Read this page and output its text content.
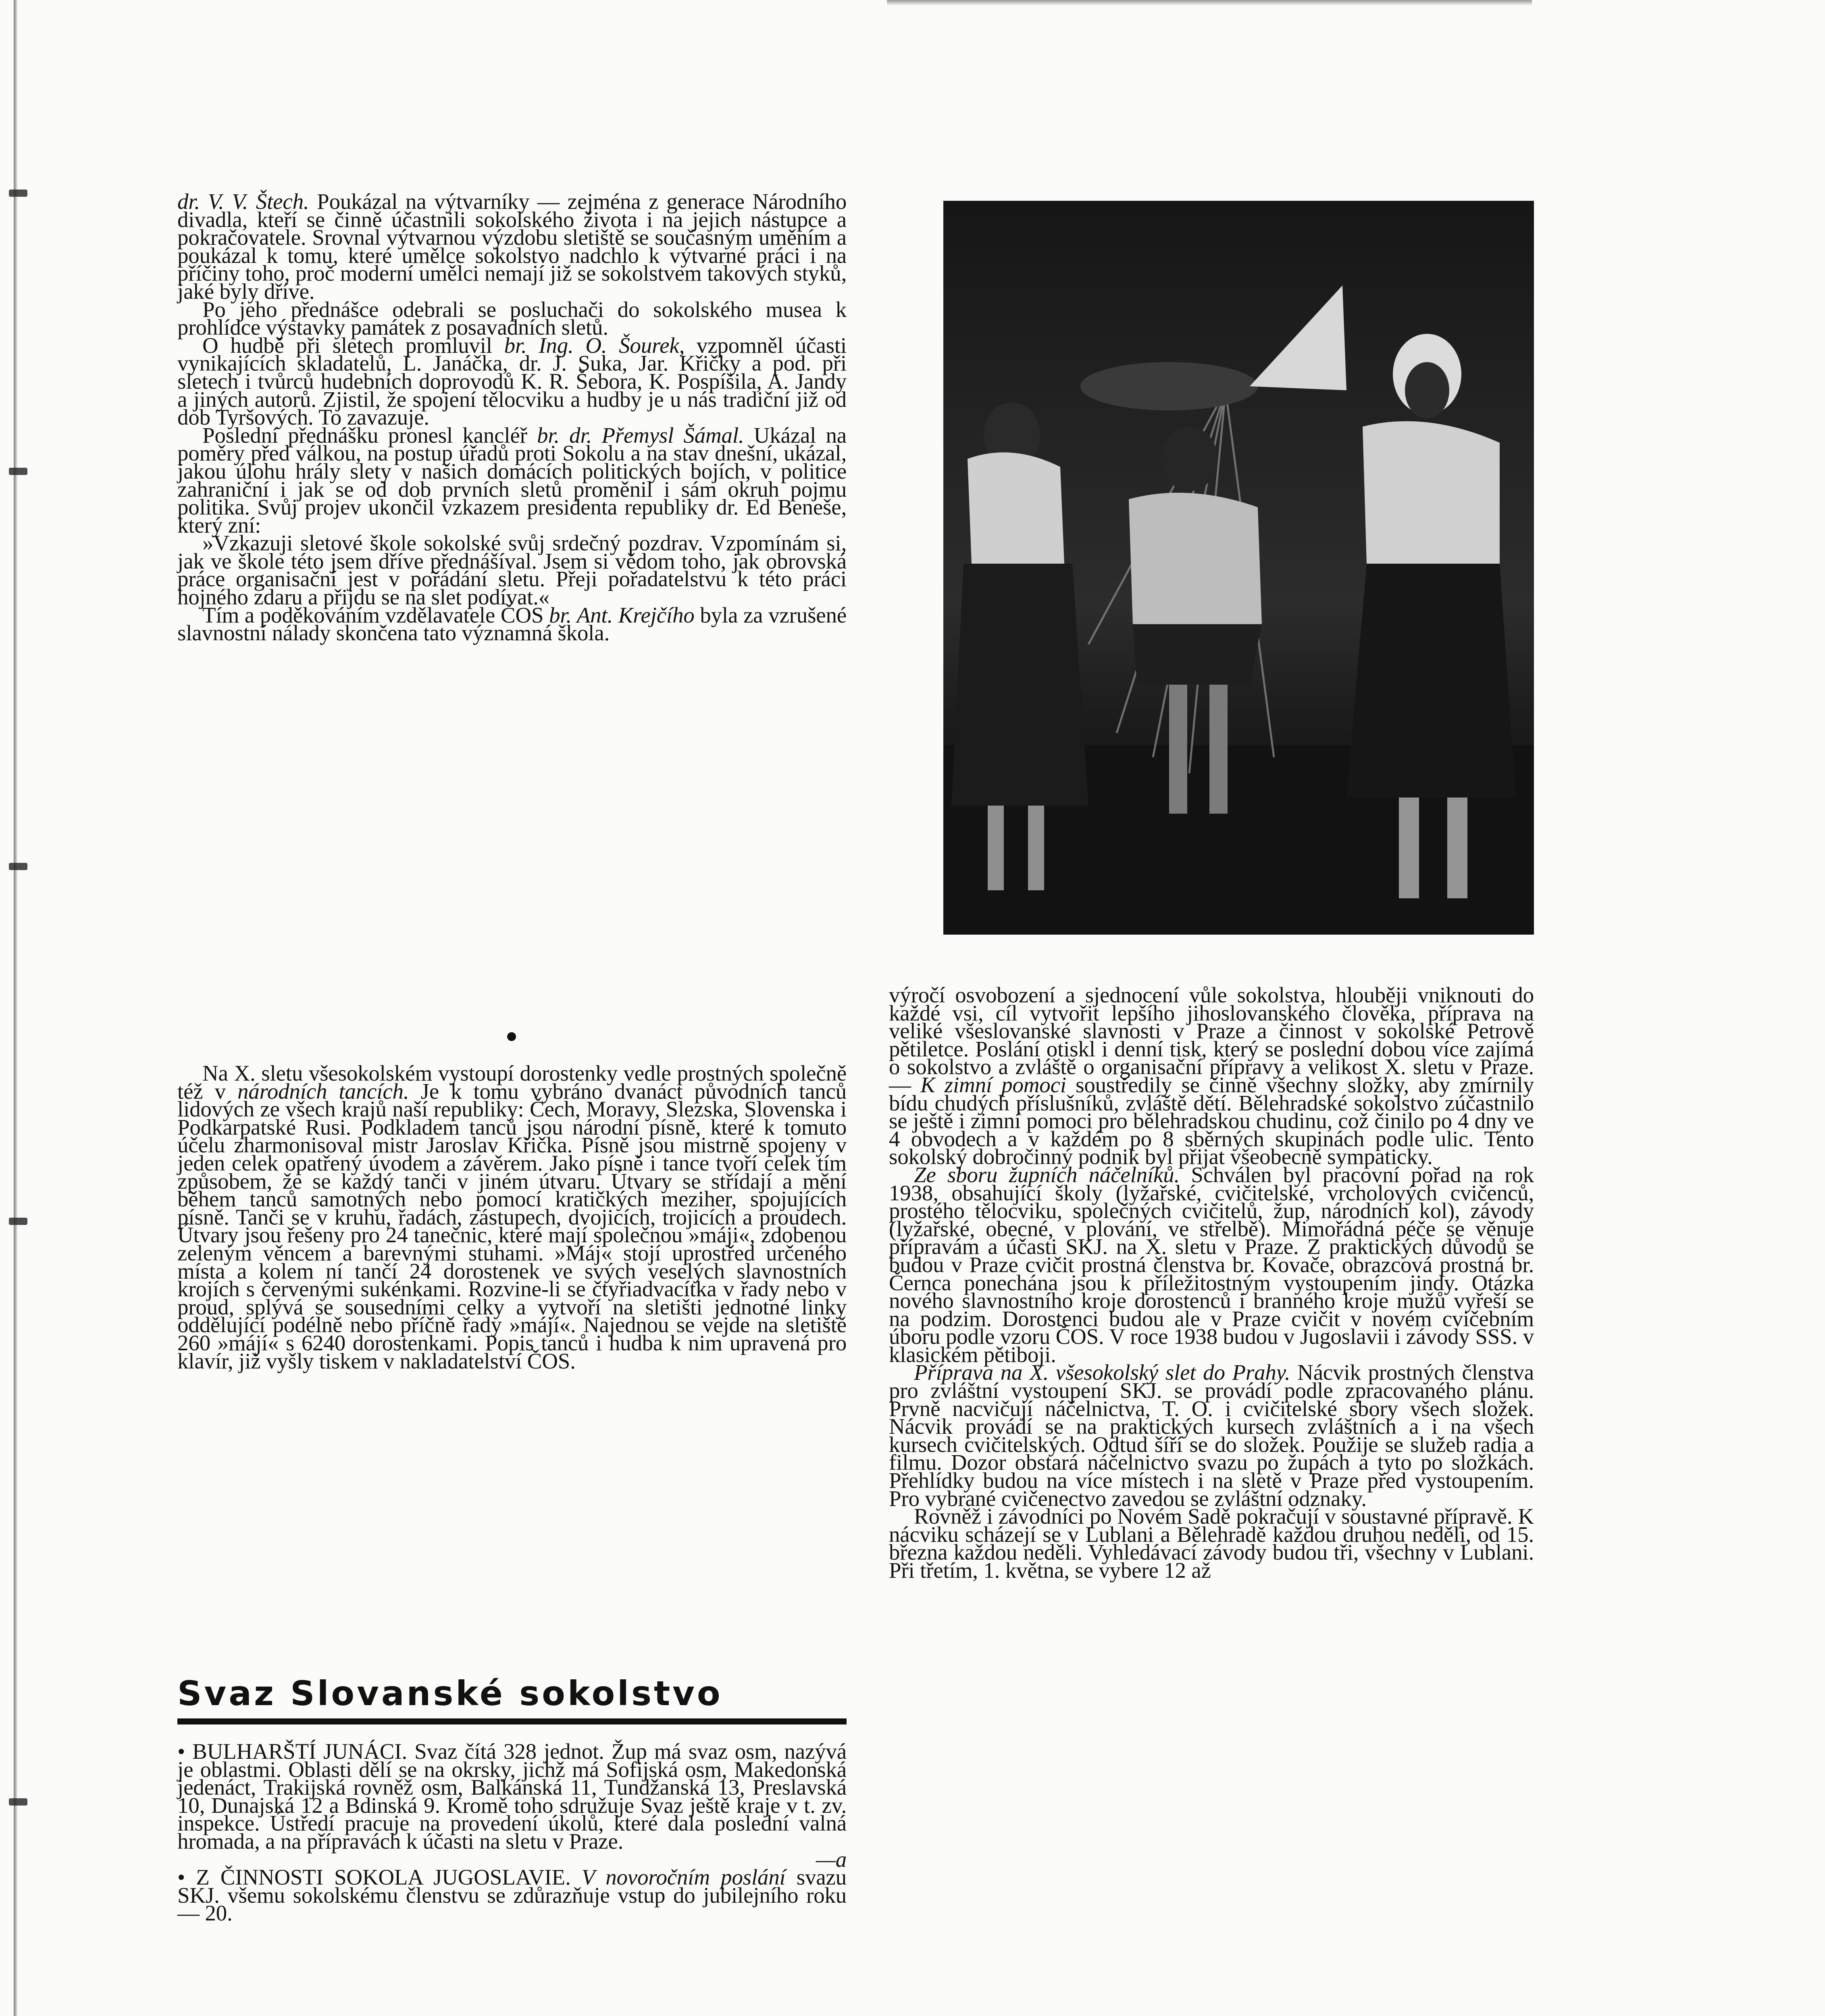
dr. V. V. Štech. Poukázal na výtvarníky — zejména z generace Národního divadla, kteří se činně účastnili sokolského života i na jejich nástupce a pokračovatele. Srovnal výtvarnou výzdobu sletiště se současným uměním a poukázal k tomu, které umělce sokolstvo nadchlo k výtvarné práci i na příčiny toho, proč moderní umělci nemají již se sokolstvem takových styků, jaké byly dříve.

Po jeho přednášce odebrali se posluchači do sokolského musea k prohlídce výstavky památek z posavadních sletů.

O hudbě při sletech promluvil br. Ing. O. Šourek, vzpomněl účasti vynikajících skladatelů, L. Janáčka, dr. J. Suka, Jar. Křičky a pod. při sletech i tvůrců hudebních doprovodů K. R. Šebora, K. Pospíšila, A. Jandy a jiných autorů. Zjistil, že spojení tělocviku a hudby je u nás tradiční již od dob Tyršových. To zavazuje.

Poslední přednášku pronesl kancléř br. dr. Přemysl Šámal. Ukázal na poměry před válkou, na postup úřadů proti Sokolu a na stav dnešní, ukázal, jakou úlohu hrály slety v našich domácích politických bojích, v politice zahraniční i jak se od dob prvních sletů proměnil i sám okruh pojmu politika. Svůj projev ukončil vzkazem presidenta republiky dr. Ed Beneše, který zní:

»Vzkazuji sletové škole sokolské svůj srdečný pozdrav. Vzpomínám si, jak ve škole této jsem dříve přednášíval. Jsem si vědom toho, jak obrovská práce organisační jest v pořádání sletu. Přeji pořadatelstvu k této práci hojného zdaru a přijdu se na slet podívat.«

Tím a poděkováním vzdělavatele ČOS br. Ant. Krejčího byla za vzrušené slavnostní nálady skončena tato významná škola.

Na X. sletu všesokolském vystoupí dorostenky vedle prostných společně též v národních tancích. Je k tomu vybráno dvanáct původních tanců lidových ze všech krajů naší republiky: Čech, Moravy, Slezska, Slovenska i Podkarpatské Rusi. Podkladem tanců jsou národní písně, které k tomuto účelu zharmonisoval mistr Jaroslav Křička. Písně jsou mistrně spojeny v jeden celek opatřený úvodem a závěrem. Jako písně i tance tvoří celek tím způsobem, že se každý tanči v jiném útvaru. Útvary se střídají a mění během tanců samotných nebo pomocí kratičkých meziher, spojujících písně. Tanči se v kruhu, řadách, zástupech, dvojicích, trojicích a proudech. Útvary jsou řešeny pro 24 tanečnic, které mají společnou »máji«, zdobenou zeleným věncem a barevnými stuhami. »Máj« stojí uprostřed určeného místa a kolem ní tančí 24 dorostenek ve svých veselých slavnostních krojích s červenými sukénkami. Rozvine-li se čtyřiadvacítka v řady nebo v proud, splývá se sousedními celky a vytvoří na sletišti jednotné linky oddělující podélně nebo příčně řady »májí«. Najednou se vejde na sletiště 260 »májí« s 6240 dorostenkami. Popis tanců i hudba k nim upravená pro klavír, již vyšly tiskem v nakladatelství ČOS.

Svaz Slovanské sokolstvo

• BULHARŠTÍ JUNÁCI. Svaz čítá 328 jednot. Žup má svaz osm, nazývá je oblastmi. Oblasti dělí se na okrsky, jichž má Sofijská osm, Makedonská jedenáct, Trakijská rovněž osm, Balkánská 11, Tundžanská 13, Preslavská 10, Dunajská 12 a Bdinská 9. Kromě toho sdružuje Svaz ještě kraje v t. zv. inspekce. Ústředí pracuje na provedení úkolů, které dala poslední valná hromada, a na přípravách k účasti na sletu v Praze.
—a

• Z ČINNOSTI SOKOLA JUGOSLAVIE. V novoročním poslání svazu SKJ. všemu sokolskému členstvu se zdůrazňuje vstup do jubilejního roku — 20.

výročí osvobození a sjednocení vůle sokolstva, hlouběji vniknouti do každé vsi, cíl vytvořit lepšího jihoslovanského člověka, příprava na veliké všeslovanské slavnosti v Praze a činnost v sokolské Petrově pětiletce. Poslání otiskl i denní tisk, který se poslední dobou více zajímá o sokolstvo a zvláště o organisační přípravy a velikost X. sletu v Praze. — K zimní pomoci soustředily se činně všechny složky, aby zmírnily bídu chudých příslušníků, zvláště dětí. Bělehradské sokolstvo zúčastnilo se ještě i zimní pomoci pro bělehradskou chudinu, což činilo po 4 dny ve 4 obvodech a v každém po 8 sběrných skupinách podle ulic. Tento sokolský dobročinný podnik byl přijat všeobecně sympaticky.

Ze sboru župních náčelníků. Schválen byl pracovní pořad na rok 1938, obsahující školy (lyžařské, cvičitelské, vrcholových cvičenců, prostého tělocviku, společných cvičitelů, žup, národních kol), závody (lyžařské, obecné, v plování, ve střelbě). Mimořádná péče se věnuje přípravám a účasti SKJ. na X. sletu v Praze. Z praktických důvodů se budou v Praze cvičit prostná členstva br. Kovače, obrazcová prostná br. Černca ponechána jsou k příležitostným vystoupením jindy. Otázka nového slavnostního kroje dorostenců i branného kroje mužů vyřeší se na podzim. Dorostenci budou ale v Praze cvičit v novém cvičebním úboru podle vzoru ČOS. V roce 1938 budou v Jugoslavii i závody SSS. v klasickém pětiboji.

Příprava na X. všesokolský slet do Prahy. Nácvik prostných členstva pro zvláštní vystoupení SKJ. se provádí podle zpracovaného plánu. Prvně nacvičují náčelnictva, T. O. i cvičitelské sbory všech složek. Nácvik provádí se na praktických kursech zvláštních a i na všech kursech cvičitelských. Odtud šíří se do složek. Použije se služeb radia a filmu. Dozor obstará náčelnictvo svazu po župách a tyto po složkách. Přehlídky budou na více místech i na sletě v Praze před vystoupením. Pro vybrané cvičenectvo zavedou se zvláštní odznaky.

Rovněž i závodníci po Novém Sadě pokračují v soustavné přípravě. K nácviku scházejí se v Lublani a Bělehradě každou druhou neděli, od 15. března každou neděli. Vyhledávací závody budou tři, všechny v Lublani. Při třetím, 1. května, se vybere 12 až
